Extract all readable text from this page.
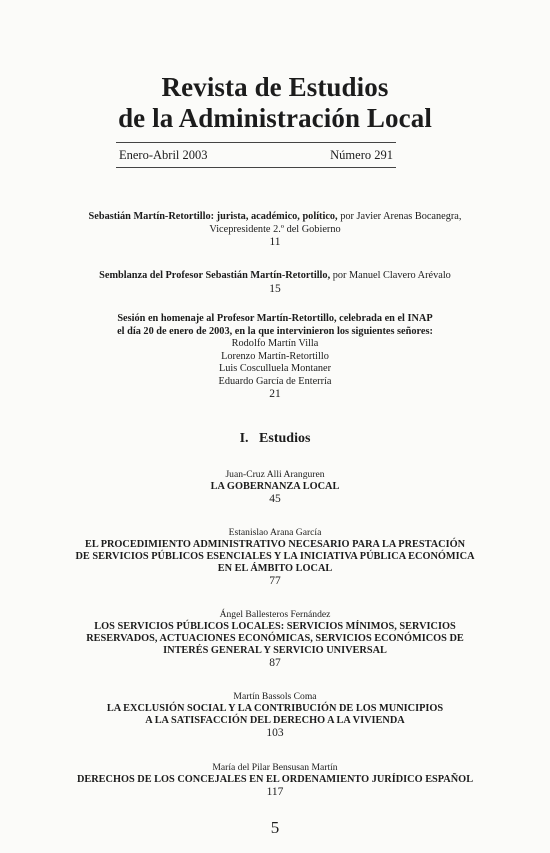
Revista de Estudios
de la Administración Local
Enero-Abril 2003	Número 291
Sebastián Martín-Retortillo: jurista, académico, político, por Javier Arenas Bocanegra,
Vicepresidente 2.º del Gobierno
11
Semblanza del Profesor Sebastián Martín-Retortillo, por Manuel Clavero Arévalo
15
Sesión en homenaje al Profesor Martín-Retortillo, celebrada en el INAP
el día 20 de enero de 2003, en la que intervinieron los siguientes señores:
Rodolfo Martín Villa
Lorenzo Martín-Retortillo
Luis Cosculluela Montaner
Eduardo García de Enterría
21
I.   Estudios
Juan-Cruz Alli Aranguren
LA GOBERNANZA LOCAL
45
Estanislao Arana García
EL PROCEDIMIENTO ADMINISTRATIVO NECESARIO PARA LA PRESTACIÓN
DE SERVICIOS PÚBLICOS ESENCIALES Y LA INICIATIVA PÚBLICA ECONÓMICA
EN EL ÁMBITO LOCAL
77
Ángel Ballesteros Fernández
LOS SERVICIOS PÚBLICOS LOCALES: SERVICIOS MÍNIMOS, SERVICIOS
RESERVADOS, ACTUACIONES ECONÓMICAS, SERVICIOS ECONÓMICOS DE
INTERÉS GENERAL Y SERVICIO UNIVERSAL
87
Martín Bassols Coma
LA EXCLUSIÓN SOCIAL Y LA CONTRIBUCIÓN DE LOS MUNICIPIOS
A LA SATISFACCIÓN DEL DERECHO A LA VIVIENDA
103
María del Pilar Bensusan Martín
DERECHOS DE LOS CONCEJALES EN EL ORDENAMIENTO JURÍDICO ESPAÑOL
117
5
